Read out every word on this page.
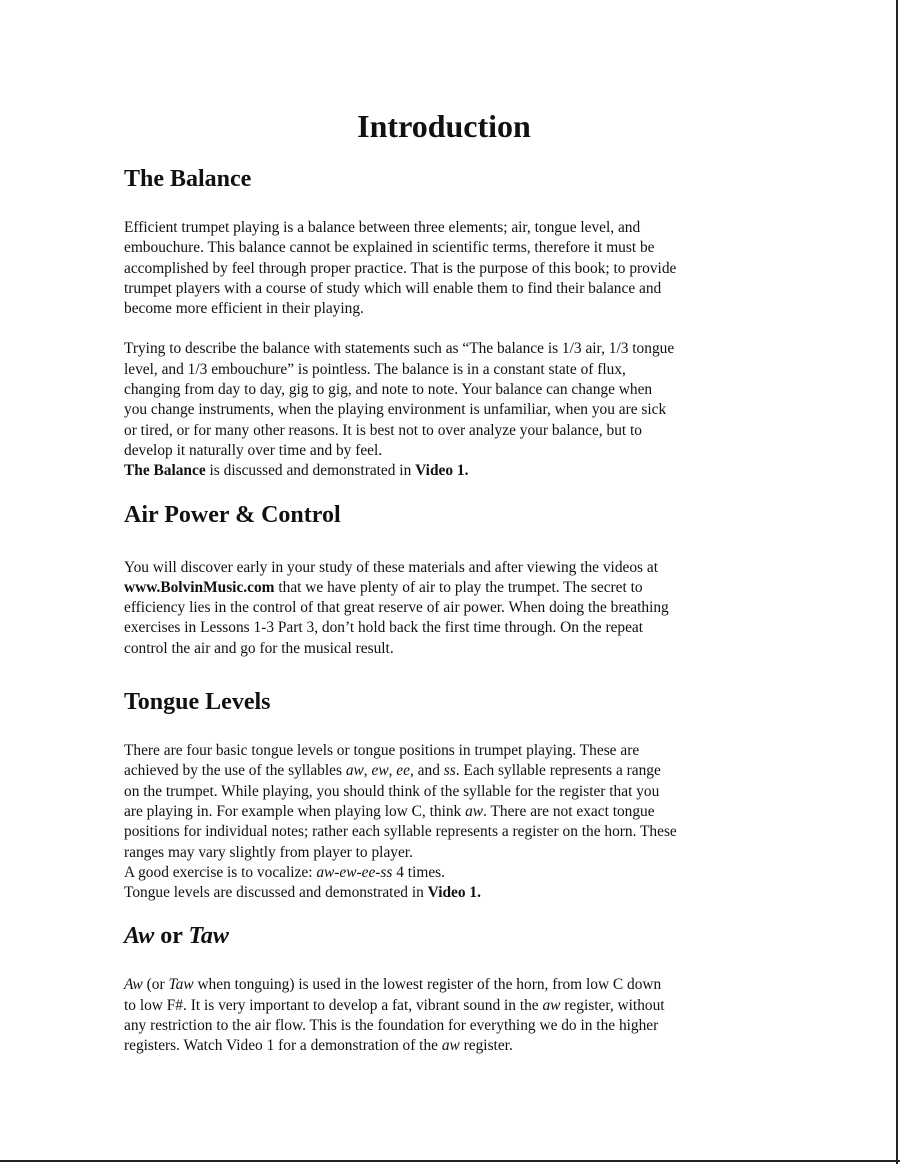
Introduction
The Balance

Efficient trumpet playing is a balance between three elements; air, tongue level, and
embouchure. This balance cannot be explained in scientific terms, therefore it must be
accomplished by feel through proper practice. That is the purpose of this book; to provide
trumpet players with a course of study which will enable them to find their balance and
become more efficient in their playing.

Trying to describe the balance with statements such as “The balance is 1/3 air, 1/3 tongue
level, and 1/3 embouchure” is pointless. The balance is in a constant state of flux,
changing from day to day, gig to gig, and note to note. Your balance can change when
you change instruments, when the playing environment is unfamiliar, when you are sick
or tired, or for many other reasons. It is best not to over analyze your balance, but to
develop it naturally over time and by feel.
The Balance is discussed and demonstrated in Video 1.

Air Power & Control

You will discover early in your study of these materials and after viewing the videos at
www.BolvinMusic.com that we have plenty of air to play the trumpet. The secret to
efficiency lies in the control of that great reserve of air power. When doing the breathing
exercises in Lessons 1-3 Part 3, don’t hold back the first time through. On the repeat
control the air and go for the musical result.

Tongue Levels

There are four basic tongue levels or tongue positions in trumpet playing. These are
achieved by the use of the syllables aw, ew, ee, and ss. Each syllable represents a range
on the trumpet. While playing, you should think of the syllable for the register that you
are playing in. For example when playing low C, think aw. There are not exact tongue
positions for individual notes; rather each syllable represents a register on the horn. These
ranges may vary slightly from player to player.
A good exercise is to vocalize: aw-ew-ee-ss 4 times.
Tongue levels are discussed and demonstrated in Video 1.

Aw or Taw

Aw (or Taw when tonguing) is used in the lowest register of the horn, from low C down
to low F#. It is very important to develop a fat, vibrant sound in the aw register, without
any restriction to the air flow. This is the foundation for everything we do in the higher
registers. Watch Video 1 for a demonstration of the aw register.
